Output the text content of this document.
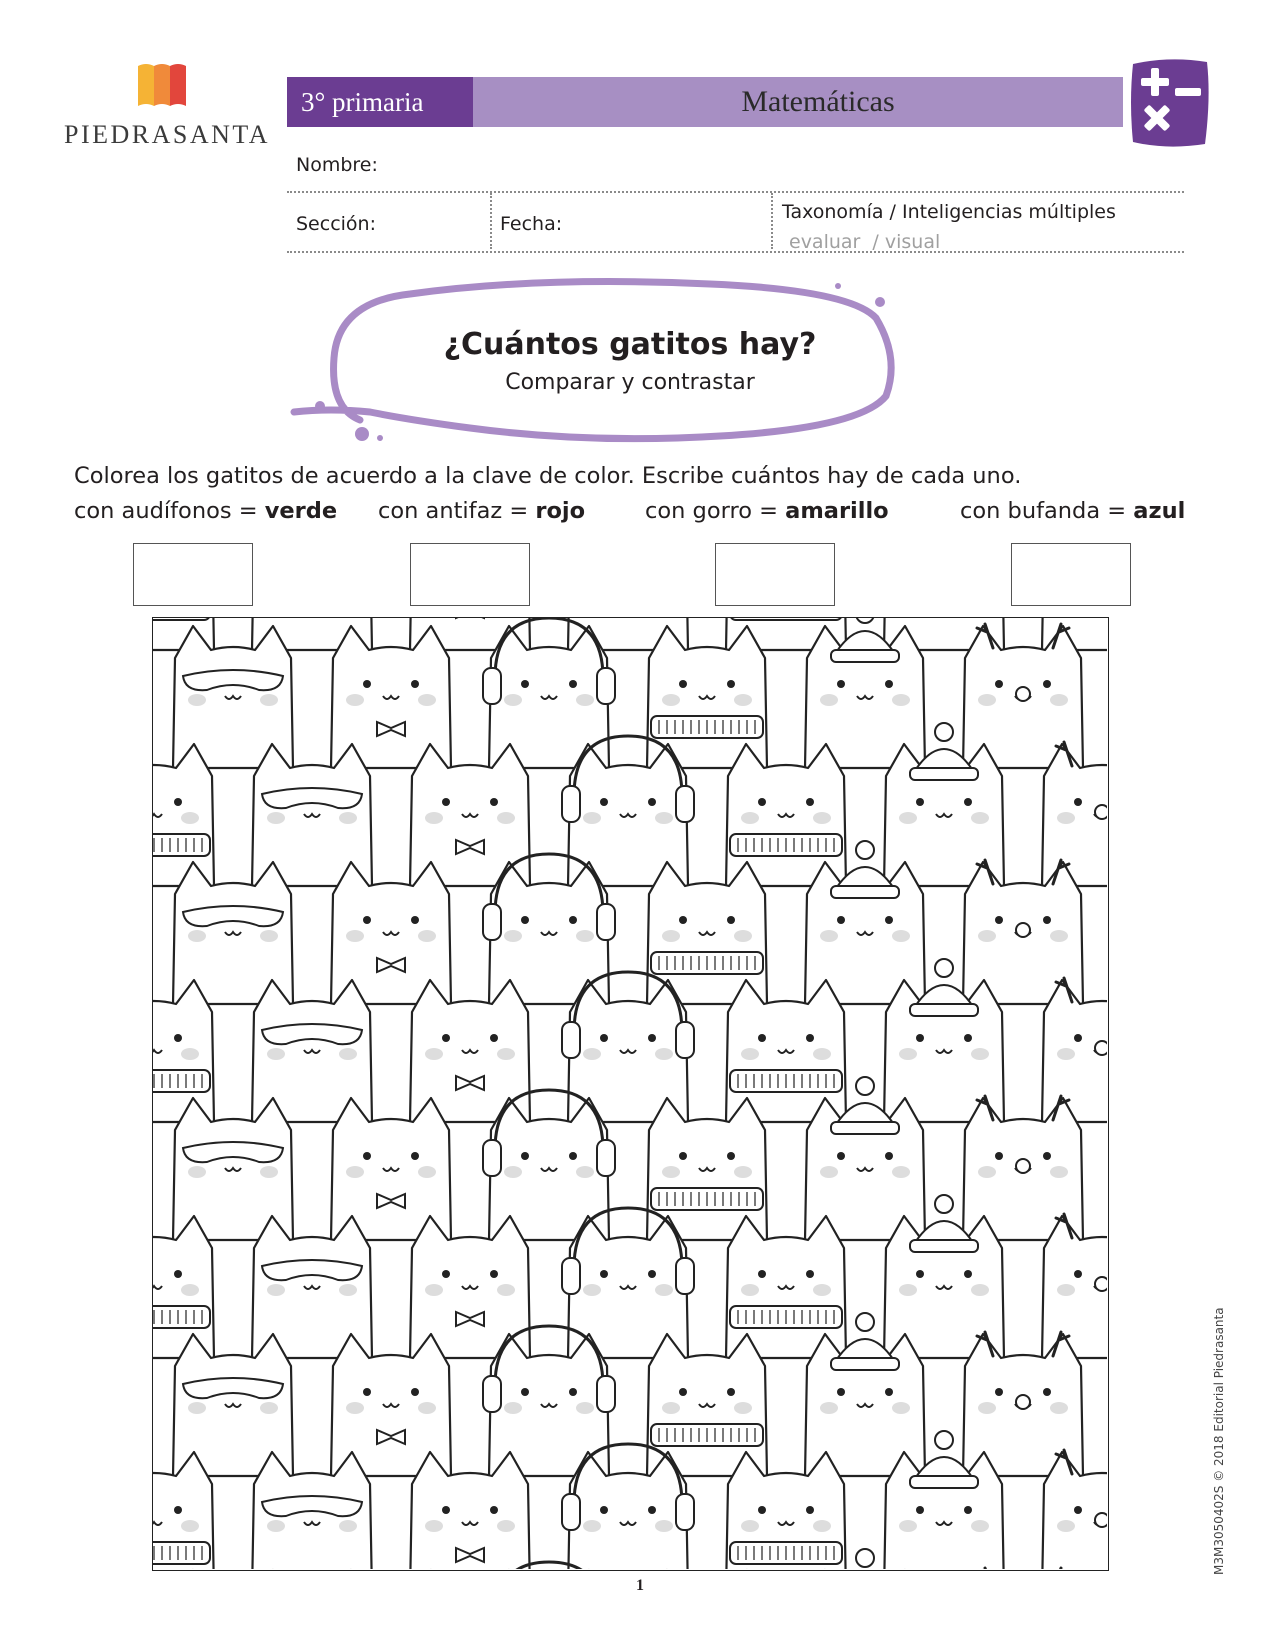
PIEDRASANTA
3° primaria	Matemáticas
Nombre:
Sección:	Fecha:
Taxonomía / Inteligencias múltiples
evaluar  / visual
¿Cuántos gatitos hay?
Comparar y contrastar
Colorea los gatitos de acuerdo a la clave de color. Escribe cuántos hay de cada uno.
con audífonos = verde con antifaz = rojo	con gorro = amarillo	con bufanda = azul
1
M3M3050402S © 2018 Editorial Piedrasanta
